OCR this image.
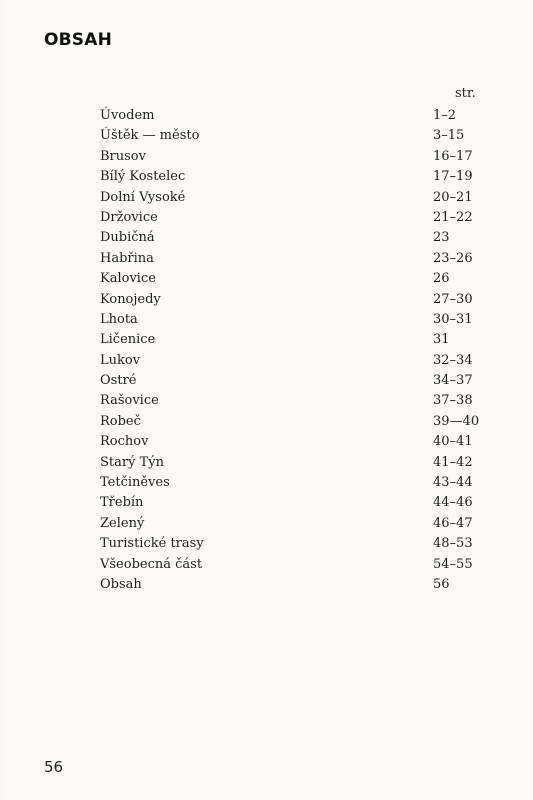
OBSAH
str.
Úvodem	1–2
Úštěk — město	3–15
Brusov	16–17
Bílý Kostelec	17–19
Dolní Vysoké	20–21
Držovice	21–22
Dubičná	23
Habřina	23–26
Kalovice	26
Konojedy	27–30
Lhota	30–31
Ličenice	31
Lukov	32–34
Ostré	34–37
Rašovice	37–38
Robeč	39—40
Rochov	40–41
Starý Týn	41–42
Tetčiněves	43–44
Třebín	44–46
Zelený	46–47
Turistické trasy	48–53
Všeobecná část	54–55
Obsah	56
56
